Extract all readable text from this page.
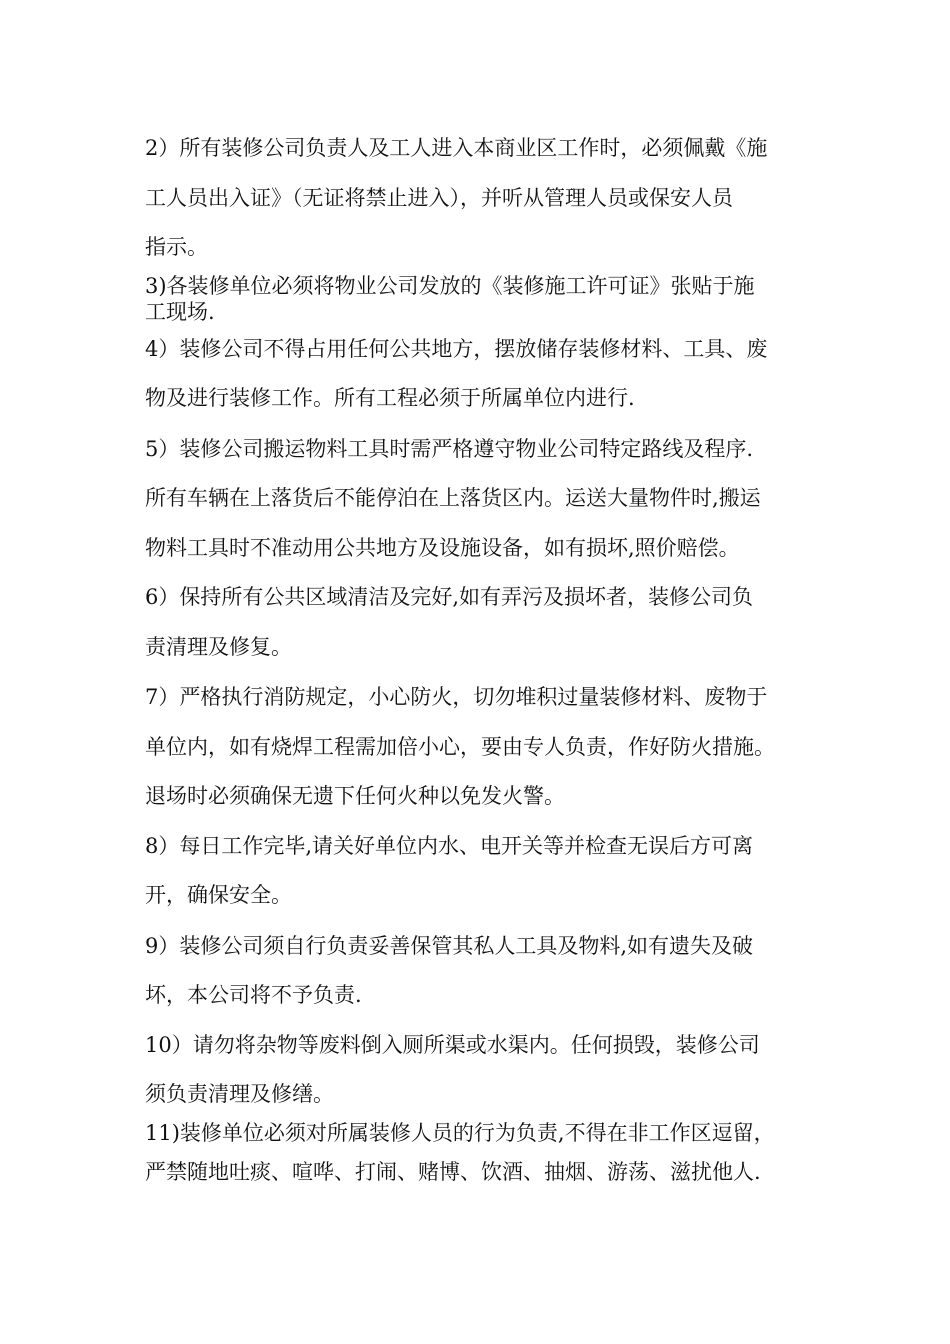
2）所有装修公司负责人及工人进入本商业区工作时，必须佩戴《施
工人员出入证》（无证将禁止进入），并听从管理人员或保安人员
指示。
3)各装修单位必须将物业公司发放的《装修施工许可证》张贴于施
工现场.
4）装修公司不得占用任何公共地方，摆放储存装修材料、工具、废
物及进行装修工作。所有工程必须于所属单位内进行.
5）装修公司搬运物料工具时需严格遵守物业公司特定路线及程序.
所有车辆在上落货后不能停泊在上落货区内。运送大量物件时,搬运
物料工具时不准动用公共地方及设施设备，如有损坏,照价赔偿。
6）保持所有公共区域清洁及完好,如有弄污及损坏者，装修公司负
责清理及修复。
7）严格执行消防规定，小心防火，切勿堆积过量装修材料、废物于
单位内，如有烧焊工程需加倍小心，要由专人负责，作好防火措施。
退场时必须确保无遗下任何火种以免发火警。
8）每日工作完毕,请关好单位内水、电开关等并检查无误后方可离
开，确保安全。
9）装修公司须自行负责妥善保管其私人工具及物料,如有遗失及破
坏，本公司将不予负责.
10）请勿将杂物等废料倒入厕所渠或水渠内。任何损毁，装修公司
须负责清理及修缮。
11)装修单位必须对所属装修人员的行为负责,不得在非工作区逗留，
严禁随地吐痰、喧哗、打闹、赌博、饮酒、抽烟、游荡、滋扰他人.
